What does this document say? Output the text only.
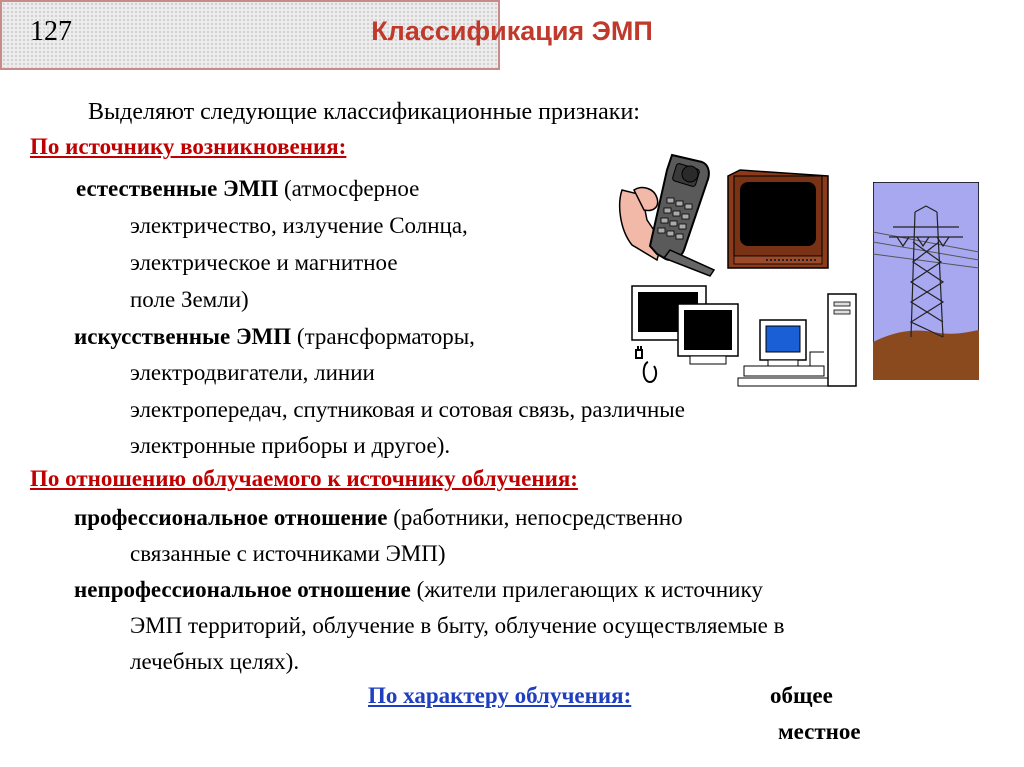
127	Классификация ЭМП
Выделяют следующие классификационные признаки:
По источнику возникновения:
естественные ЭМП (атмосферное
электричество, излучение Солнца,
электрическое и магнитное
поле Земли)
искусственные ЭМП (трансформаторы,
электродвигатели, линии
электропередач, спутниковая и сотовая связь, различные
электронные приборы и другое).
По отношению облучаемого к источнику облучения:
профессиональное отношение (работники, непосредственно
связанные с источниками ЭМП)
непрофессиональное отношение (жители прилегающих к источнику
ЭМП территорий, облучение в быту, облучение осуществляемые в
лечебных целях).
По характеру облучения:	общее
местное
